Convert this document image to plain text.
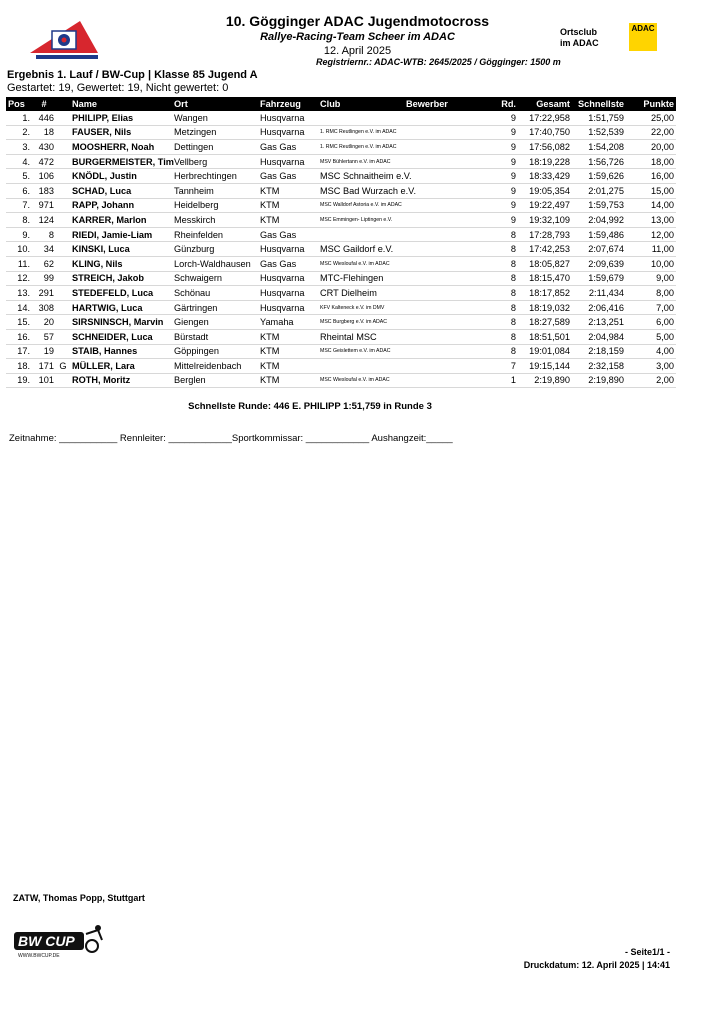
10. Gögginger ADAC Jugendmotocross
Rallye-Racing-Team Scheer im ADAC
12. April 2025
Registriernr.: ADAC-WTB: 2645/2025 / Gögginger: 1500 m
Ortsclub
im ADAC
ADAC
Ergebnis 1. Lauf / BW-Cup | Klasse 85 Jugend A
Gestartet: 19, Gewertet: 19, Nicht gewertet: 0
Pos	#		Name	Ort	Fahrzeug	Club	Bewerber	Rd.	Gesamt	Schnellste	Punkte
1.	446		PHILIPP, Elias	Wangen	Husqvarna			9	17:22,958	1:51,759	25,00
2.	18		FAUSER, Nils	Metzingen	Husqvarna	1. RMC Reutlingen e.V. im ADAC		9	17:40,750	1:52,539	22,00
3.	430		MOOSHERR, Noah	Dettingen	Gas Gas	1. RMC Reutlingen e.V. im ADAC		9	17:56,082	1:54,208	20,00
4.	472		BURGERMEISTER, Tim	Vellberg	Husqvarna	MSV Bühlertann e.V. im ADAC		9	18:19,228	1:56,726	18,00
5.	106		KNÖDL, Justin	Herbrechtingen	Gas Gas	MSC Schnaitheim e.V.		9	18:33,429	1:59,626	16,00
6.	183		SCHAD, Luca	Tannheim	KTM	MSC Bad Wurzach e.V.		9	19:05,354	2:01,275	15,00
7.	971		RAPP, Johann	Heidelberg	KTM	MSC Walldorf Astoria e.V. im ADAC		9	19:22,497	1:59,753	14,00
8.	124		KARRER, Marlon	Messkirch	KTM	MSC Emmingen- Liptingen e.V.		9	19:32,109	2:04,992	13,00
9.	8		RIEDI, Jamie-Liam	Rheinfelden	Gas Gas			8	17:28,793	1:59,486	12,00
10.	34		KINSKI, Luca	Günzburg	Husqvarna	MSC Gaildorf e.V.		8	17:42,253	2:07,674	11,00
11.	62		KLING, Nils	Lorch-Waldhausen	Gas Gas	MSC Wiesloufal e.V. im ADAC		8	18:05,827	2:09,639	10,00
12.	99		STREICH, Jakob	Schwaigern	Husqvarna	MTC-Flehingen		8	18:15,470	1:59,679	9,00
13.	291		STEDEFELD, Luca	Schönau	Husqvarna	CRT Dielheim		8	18:17,852	2:11,434	8,00
14.	308		HARTWIG, Luca	Gärtringen	Husqvarna	KFV Kalteneck e.V. im DMV		8	18:19,032	2:06,416	7,00
15.	20		SIRSNINSCH, Marvin	Giengen	Yamaha	MSC Burgberg e.V. im ADAC		8	18:27,589	2:13,251	6,00
16.	57		SCHNEIDER, Luca	Bürstadt	KTM	Rheintal MSC		8	18:51,501	2:04,984	5,00
17.	19		STAIB, Hannes	Göppingen	KTM	MSC Geislettem e.V. im ADAC		8	19:01,084	2:18,159	4,00
18.	171	G	MÜLLER, Lara	Mittelreidenbach	KTM			7	19:15,144	2:32,158	3,00
19.	101		ROTH, Moritz	Berglen	KTM	MSC Wiesloufal e.V. im ADAC		1	2:19,890	2:19,890	2,00
Schnellste Runde: 446 E. PHILIPP 1:51,759 in Runde 3
Zeitnahme: ___________ Rennleiter: ____________Sportkommissar: ____________ Aushangzeit:_____
ZATW, Thomas Popp, Stuttgart
BW CUP
WWW.BWCUP.DE	- Seite1/1 -
Druckdatum: 12. April 2025 | 14:41
